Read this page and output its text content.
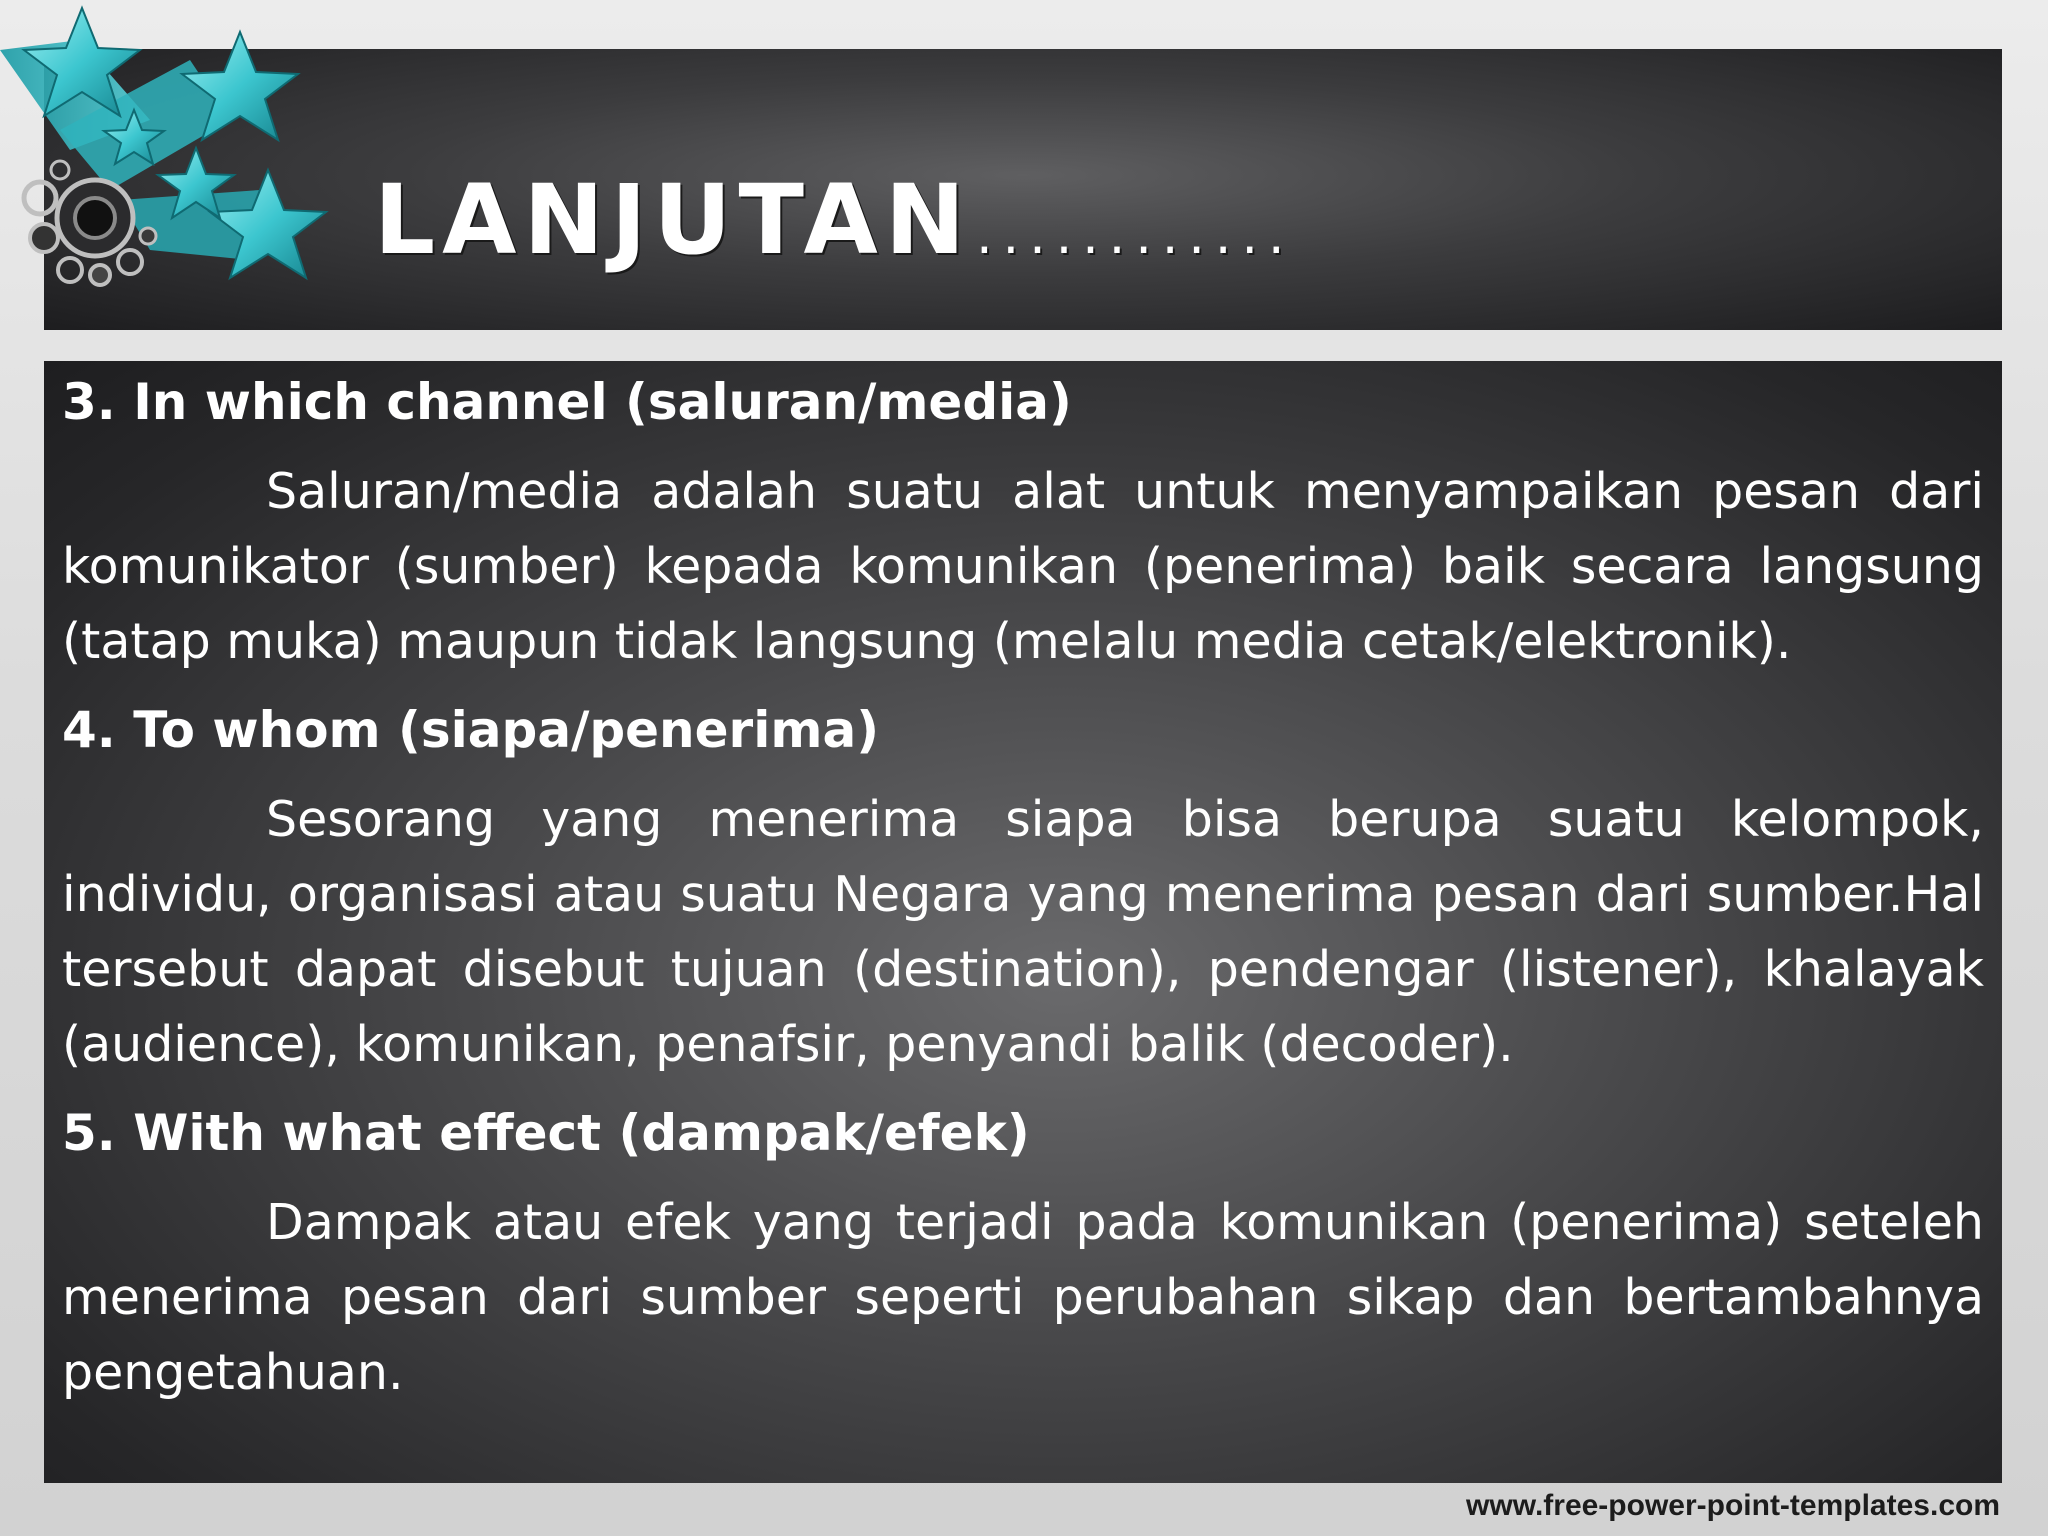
LANJUTAN ............
3. In which channel (saluran/media)
Saluran/media adalah suatu alat untuk menyampaikan pesan dari komunikator (sumber) kepada komunikan (penerima) baik secara langsung (tatap muka) maupun tidak langsung (melalu media cetak/elektronik).
4. To whom (siapa/penerima)
Sesorang yang menerima siapa bisa berupa suatu kelompok, individu, organisasi atau suatu Negara yang menerima pesan dari sumber.Hal tersebut dapat disebut tujuan (destination), pendengar (listener), khalayak (audience), komunikan, penafsir, penyandi balik (decoder).
5. With what effect (dampak/efek)
Dampak atau efek yang terjadi pada komunikan (penerima) seteleh menerima pesan dari sumber seperti perubahan sikap dan bertambahnya pengetahuan.
www.free-power-point-templates.com
